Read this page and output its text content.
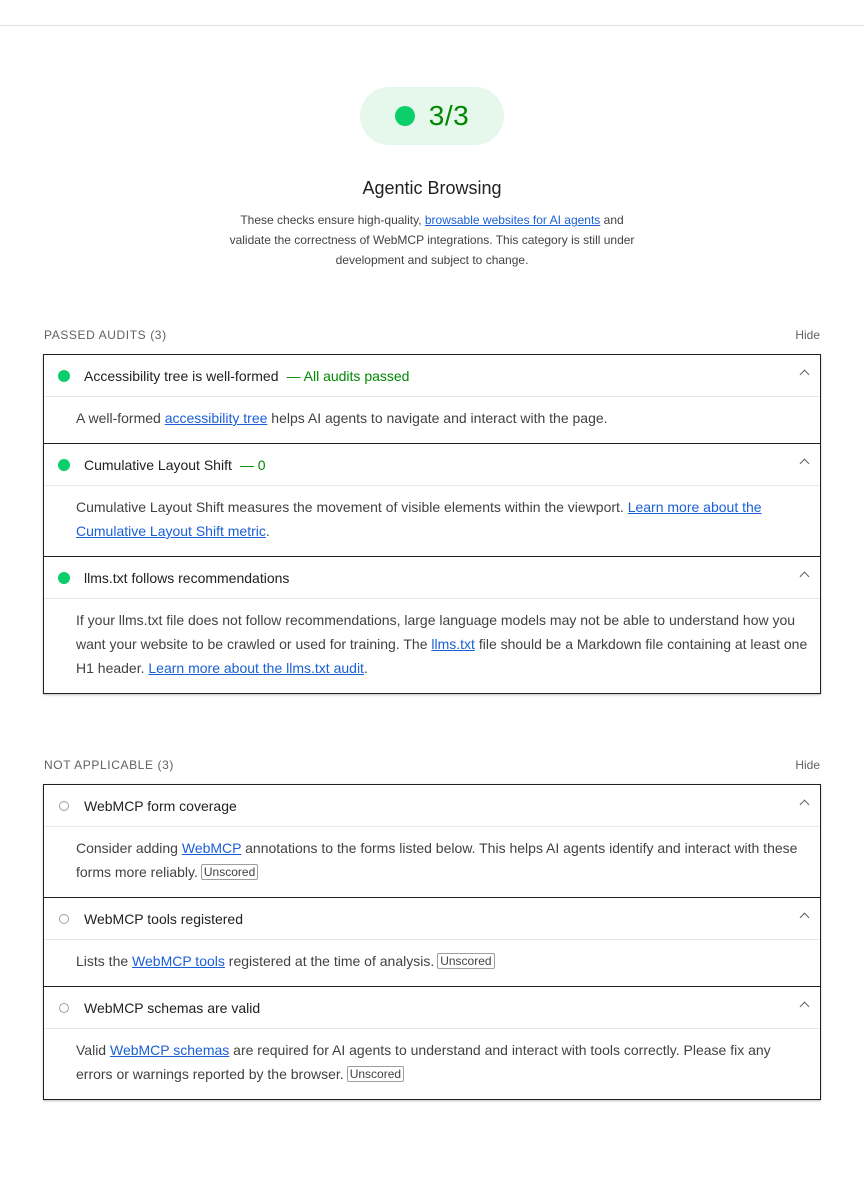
3/3
Agentic Browsing
These checks ensure high-quality, browsable websites for AI agents and validate the correctness of WebMCP integrations. This category is still under development and subject to change.
PASSED AUDITS (3)	Hide
Accessibility tree is well-formed — All audits passed
A well-formed accessibility tree helps AI agents to navigate and interact with the page.
Cumulative Layout Shift — 0
Cumulative Layout Shift measures the movement of visible elements within the viewport. Learn more about the Cumulative Layout Shift metric.
llms.txt follows recommendations
If your llms.txt file does not follow recommendations, large language models may not be able to understand how you want your website to be crawled or used for training. The llms.txt file should be a Markdown file containing at least one H1 header. Learn more about the llms.txt audit.
NOT APPLICABLE (3)	Hide
WebMCP form coverage
Consider adding WebMCP annotations to the forms listed below. This helps AI agents identify and interact with these forms more reliably. Unscored
WebMCP tools registered
Lists the WebMCP tools registered at the time of analysis. Unscored
WebMCP schemas are valid
Valid WebMCP schemas are required for AI agents to understand and interact with tools correctly. Please fix any errors or warnings reported by the browser. Unscored
